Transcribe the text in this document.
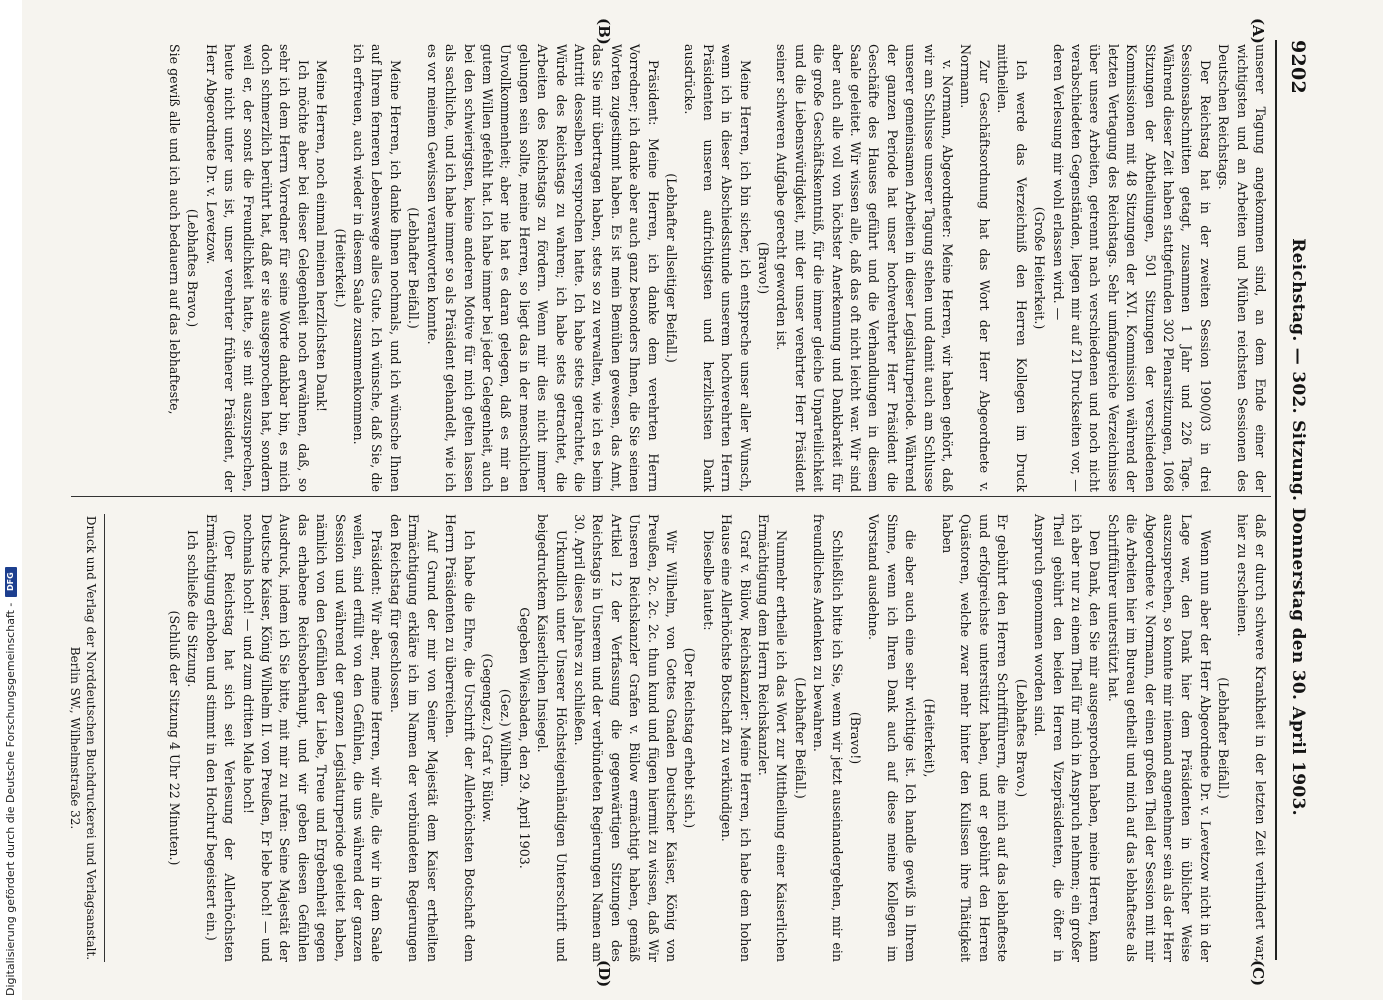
9202
Reichstag. — 302. Sitzung. Donnerstag den 30. April 1903.
(A)
(B)
(C)
(D)

unserer Tagung angekommen sind, an dem Ende einer der wichtigsten und an Arbeiten und Mühen reichsten Sessionen des Deutschen Reichstags.

Der Reichstag hat in der zweiten Session 1900/03 in drei Sessionsabschnitten getagt, zusammen 1 Jahr und 226 Tage. Während dieser Zeit haben stattgefunden 302 Plenarsitzungen, 1068 Sitzungen der Abtheilungen, 501 Sitzungen der verschiedenen Kommissionen mit 48 Sitzungen der XVI. Kommission während der letzten Vertagung des Reichstags. Sehr umfangreiche Verzeichnisse über unsere Arbeiten, getrennt nach verschiedenen und noch nicht verabschiedeten Gegenständen, liegen mir auf 21 Druckseiten vor, — deren Verlesung mir wohl erlassen wird. —

(Große Heiterkeit.)

Ich werde das Verzeichniß den Herren Kollegen im Druck mittheilen.

Zur Geschäftsordnung hat das Wort der Herr Abgeordnete v. Normann.

v. Normann, Abgeordneter: Meine Herren, wir haben gehört, daß wir am Schlusse unserer Tagung stehen und damit auch am Schlusse unserer gemeinsamen Arbeiten in dieser Legislaturperiode. Während der ganzen Periode hat unser hochverehrter Herr Präsident die Geschäfte des Hauses geführt und die Verhandlungen in diesem Saale geleitet. Wir wissen alle, daß das oft nicht leicht war. Wir sind aber auch alle voll von höchster Anerkennung und Dankbarkeit für die große Geschäftskenntniß, für die immer gleiche Unparteilichkeit und die Liebenswürdigkeit, mit der unser verehrter Herr Präsident seiner schweren Aufgabe gerecht geworden ist.

(Bravo!)

Meine Herren, ich bin sicher, ich entspreche unser aller Wunsch, wenn ich in dieser Abschiedsstunde unserem hochverehrten Herrn Präsidenten unseren aufrichtigsten und herzlichsten Dank ausdrücke.

(Lebhafter allseitiger Beifall.)

Präsident: Meine Herren, ich danke dem verehrten Herrn Vorredner; ich danke aber auch ganz besonders Ihnen, die Sie seinen Worten zugestimmt haben. Es ist mein Bemühen gewesen, das Amt, das Sie mir übertragen haben, stets so zu verwalten, wie ich es beim Antritt desselben versprochen hatte. Ich habe stets getrachtet, die Würde des Reichstags zu wahren; ich habe stets getrachtet, die Arbeiten des Reichstags zu fördern. Wenn mir dies nicht immer gelungen sein sollte, meine Herren, so liegt das in der menschlichen Unvollkommenheit; aber nie hat es daran gelegen, daß es mir an gutem Willen gefehlt hat. Ich habe immer bei jeder Gelegenheit, auch bei den schwierigsten, keine anderen Motive für mich gelten lassen als sachliche, und ich habe immer so als Präsident gehandelt, wie ich es vor meinem Gewissen verantworten konnte.

(Lebhafter Beifall.)

Meine Herren, ich danke Ihnen nochmals, und ich wünsche Ihnen auf Ihrem ferneren Lebenswege alles Gute. Ich wünsche, daß Sie, die ich erfreuen, auch wieder in diesem Saale zusammenkommen.

(Heiterkeit.)

Meine Herren, noch einmal meinen herzlichsten Dank!

Ich möchte aber bei dieser Gelegenheit noch erwähnen, daß, so sehr ich dem Herrn Vorredner für seine Worte dankbar bin, es mich doch schmerzlich berührt hat, daß er sie ausgesprochen hat, sondern weil er, der sonst die Freundlichkeit hatte, sie mit auszusprechen, heute nicht unter uns ist, unser verehrter früherer Präsident, der Herr Abgeordnete Dr. v. Levetzow.

(Lebhaftes Bravo.)

Sie gewiß alle und ich auch bedauern auf das lebhafteste,

daß er durch schwere Krankheit in der letzten Zeit verhindert war, hier zu erscheinen.

(Lebhafter Beifall.)

Wenn nun aber der Herr Abgeordnete Dr. v. Levetzow nicht in der Lage war, den Dank hier dem Präsidenten in üblicher Weise auszusprechen, so konnte mir niemand angenehmer sein als der Herr Abgeordnete v. Normann, der einen großen Theil der Session mit mir die Arbeiten hier im Bureau getheilt und mich auf das lebhafteste als Schriftführer unterstützt hat.

Den Dank, den Sie mir ausgesprochen haben, meine Herren, kann ich aber nur zu einem Theil für mich in Anspruch nehmen; ein großer Theil gebührt den beiden Herren Vizepräsidenten, die öfter in Anspruch genommen worden sind.

(Lebhaftes Bravo.)

Er gebührt den Herren Schriftführern, die mich auf das lebhafteste und erfolgreichste unterstützt haben, und er gebührt den Herren Quästoren, welche zwar mehr hinter den Kulissen ihre Thätigkeit haben

(Heiterkeit),

die aber auch eine sehr wichtige ist. Ich handle gewiß in Ihrem Sinne, wenn ich Ihren Dank auch auf diese meine Kollegen im Vorstand ausdehne.

(Bravo!)

Schließlich bitte ich Sie, wenn wir jetzt auseinandergehen, mir ein freundliches Andenken zu bewahren.

(Lebhafter Beifall.)

Nunmehr ertheile ich das Wort zur Mittheilung einer Kaiserlichen Ermächtigung dem Herrn Reichskanzler.

Graf v. Bülow, Reichskanzler: Meine Herren, ich habe dem hohen Hause eine Allerhöchste Botschaft zu verkündigen.

Dieselbe lautet:

(Der Reichstag erhebt sich.)

Wir Wilhelm, von Gottes Gnaden Deutscher Kaiser, König von Preußen, 2c. 2c. 2c. thun kund und fügen hiermit zu wissen, daß Wir Unseren Reichskanzler Grafen v. Bülow ermächtigt haben, gemäß Artikel 12 der Verfassung die gegenwärtigen Sitzungen des Reichstags in Unserem und der verbündeten Regierungen Namen am 30. April dieses Jahres zu schließen.

Urkundlich unter Unserer Höchsteigenhändigen Unterschrift und beigedrucktem Kaiserlichen Insiegel.

Gegeben Wiesbaden, den 29. April 1903.

(Gez.) Wilhelm.

(Gegengez.) Graf v. Bülow.

Ich habe die Ehre, die Urschrift der Allerhöchsten Botschaft dem Herrn Präsidenten zu überreichen.

Auf Grund der mir von Seiner Majestät dem Kaiser ertheilten Ermächtigung erkläre ich im Namen der verbündeten Regierungen den Reichstag für geschlossen.

Präsident: Wir aber, meine Herren, wir alle, die wir in dem Saale weilen, sind erfüllt von den Gefühlen, die uns während der ganzen Session und während der ganzen Legislaturperiode geleitet haben, nämlich von den Gefühlen der Liebe, Treue und Ergebenheit gegen das erhabene Reichsoberhaupt, und wir geben diesen Gefühlen Ausdruck, indem ich Sie bitte, mit mir zu rufen: Seine Majestät der Deutsche Kaiser, König Wilhelm II. von Preußen, Er lebe hoch! — und nochmals hoch! — und zum dritten Male hoch!

(Der Reichstag hat sich seit Verlesung der Allerhöchsten Ermächtigung erhoben und stimmt in den Hochruf begeistert ein.)

Ich schließe die Sitzung.

(Schluß der Sitzung 4 Uhr 22 Minuten.)

Druck und Verlag der Norddeutschen Buchdruckerei und Verlagsanstalt.
Berlin SW., Wilhelmstraße 32.
Digitalisierung gefördert durch die Deutsche Forschungsgemeinschaft -
DFG
